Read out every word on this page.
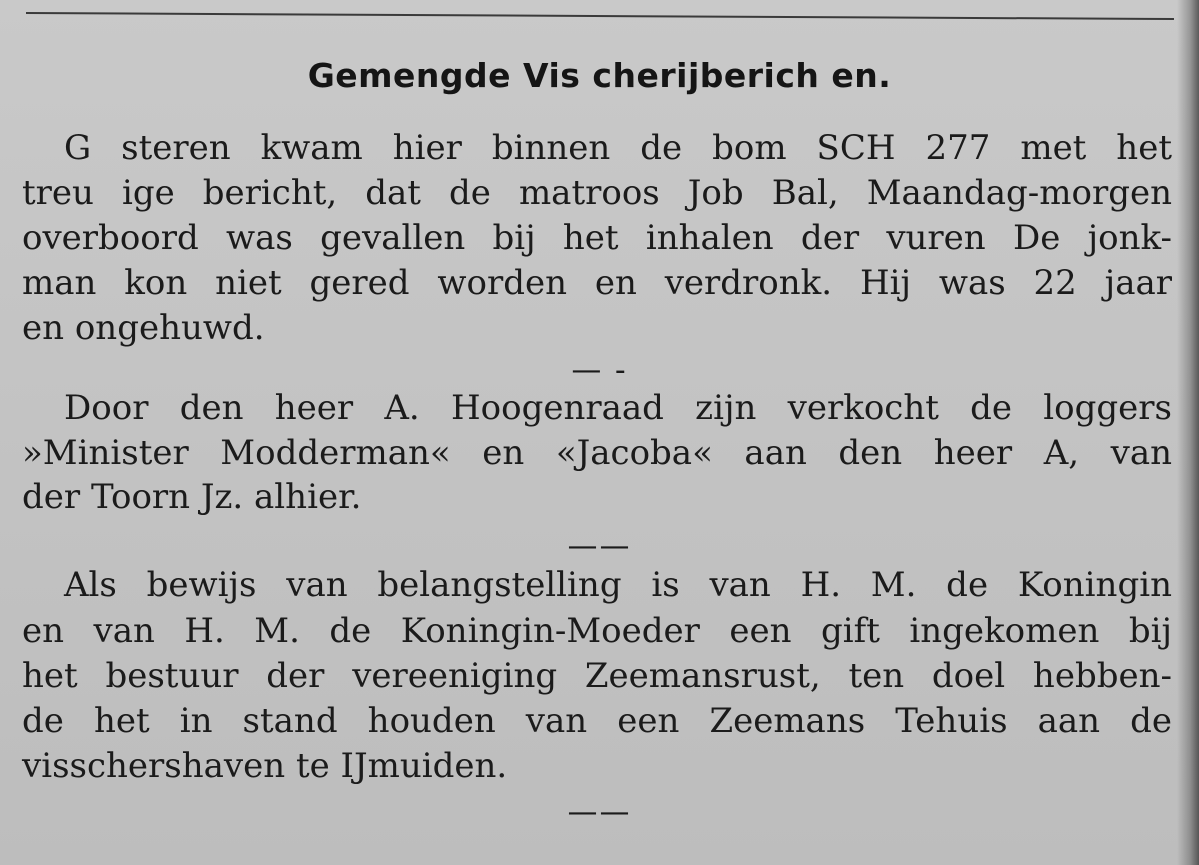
Gemengde Vis cherijberich en.
G steren kwam hier binnen de bom SCH 277 met het
treu ige bericht, dat de matroos Job Bal, Maandag-morgen
overboord was gevallen bij het inhalen der vuren De jonk-
man kon niet gered worden en verdronk. Hij was 22 jaar
en ongehuwd.
— -
Door den heer A. Hoogenraad zijn verkocht de loggers
»Minister Modderman« en «Jacoba« aan den heer A, van
der Toorn Jz. alhier.
——
Als bewijs van belangstelling is van H. M. de Koningin
en van H. M. de Koningin-Moeder een gift ingekomen bij
het bestuur der vereeniging Zeemansrust, ten doel hebben-
de het in stand houden van een Zeemans Tehuis aan de
visschershaven te IJmuiden.
——
